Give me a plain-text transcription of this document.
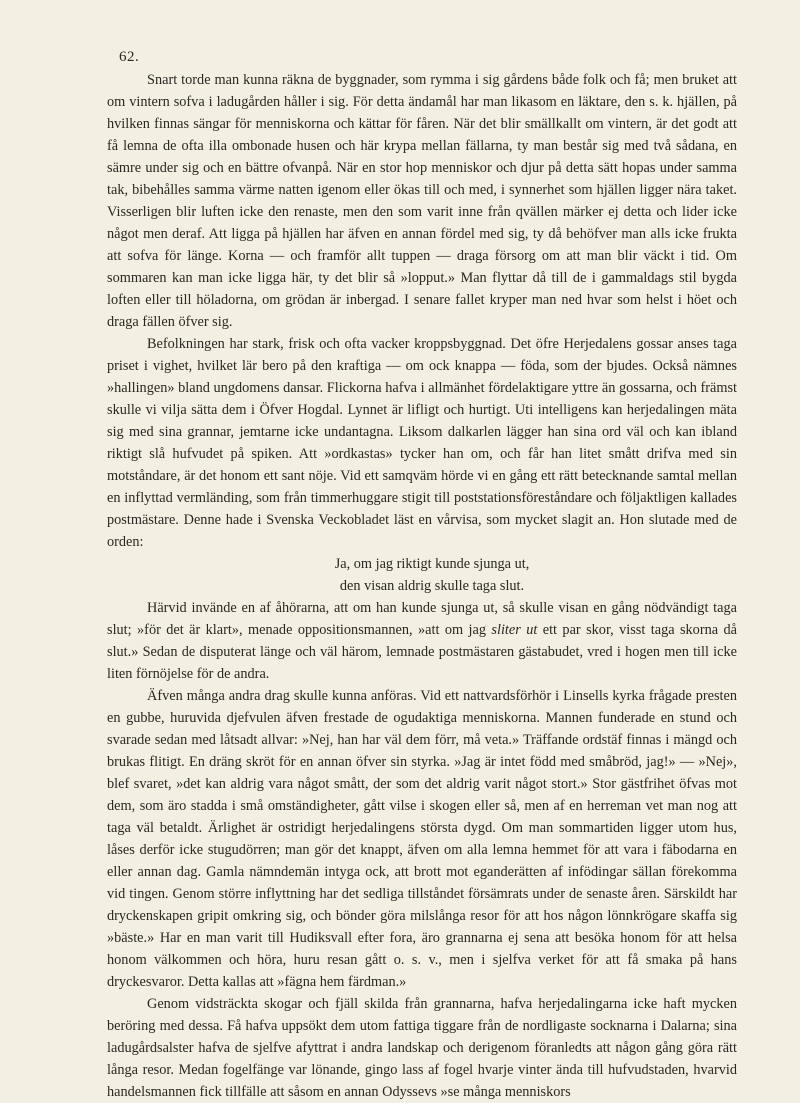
62.

Snart torde man kunna räkna de byggnader, som rymma i sig gårdens både folk och få; men bruket att om vintern sofva i ladugården håller i sig. För detta ändamål har man likasom en läktare, den s. k. hjällen, på hvilken finnas sängar för menniskorna och kättar för fåren. När det blir smällkallt om vintern, är det godt att få lemna de ofta illa ombonade husen och här krypa mellan fällarna, ty man består sig med två sådana, en sämre under sig och en bättre ofvanpå. När en stor hop menniskor och djur på detta sätt hopas under samma tak, bibehålles samma värme natten igenom eller ökas till och med, i synnerhet som hjällen ligger nära taket. Visserligen blir luften icke den renaste, men den som varit inne från qvällen märker ej detta och lider icke något men deraf. Att ligga på hjällen har äfven en annan fördel med sig, ty då behöfver man alls icke frukta att sofva för länge. Korna — och framför allt tuppen — draga försorg om att man blir väckt i tid. Om sommaren kan man icke ligga här, ty det blir så »lopput.» Man flyttar då till de i gammaldags stil bygda loften eller till höladorna, om grödan är inbergad. I senare fallet kryper man ned hvar som helst i höet och draga fällen öfver sig.

Befolkningen har stark, frisk och ofta vacker kroppsbyggnad. Det öfre Herjedalens gossar anses taga priset i vighet, hvilket lär bero på den kraftiga — om ock knappa — föda, som der bjudes. Också nämnes »hallingen» bland ungdomens dansar. Flickorna hafva i allmänhet fördelaktigare yttre än gossarna, och främst skulle vi vilja sätta dem i Öfver Hogdal. Lynnet är lifligt och hurtigt. Uti intelligens kan herjedalingen mäta sig med sina grannar, jemtarne icke undantagna. Liksom dalkarlen lägger han sina ord väl och kan ibland riktigt slå hufvudet på spiken. Att »ordkastas» tycker han om, och får han litet smått drifva med sin motståndare, är det honom ett sant nöje. Vid ett samqväm hörde vi en gång ett rätt betecknande samtal mellan en inflyttad vermländing, som från timmerhuggare stigit till poststationsföreståndare och följaktligen kallades postmästare. Denne hade i Svenska Veckobladet läst en vårvisa, som mycket slagit an. Hon slutade med de orden:

Ja, om jag riktigt kunde sjunga ut,
den visan aldrig skulle taga slut.

Härvid invände en af åhörarna, att om han kunde sjunga ut, så skulle visan en gång nödvändigt taga slut; »för det är klart», menade oppositionsmannen, »att om jag sliter ut ett par skor, visst taga skorna då slut.» Sedan de disputerat länge och väl härom, lemnade postmästaren gästabudet, vred i hogen men till icke liten förnöjelse för de andra.

Äfven många andra drag skulle kunna anföras. Vid ett nattvardsförhör i Linsells kyrka frågade presten en gubbe, huruvida djefvulen äfven frestade de ogudaktiga menniskorna. Mannen funderade en stund och svarade sedan med låtsadt allvar: »Nej, han har väl dem förr, må veta.» Träffande ordstäf finnas i mängd och brukas flitigt. En dräng skröt för en annan öfver sin styrka. »Jag är intet född med småbröd, jag!» — »Nej», blef svaret, »det kan aldrig vara något smått, der som det aldrig varit något stort.» Stor gästfrihet öfvas mot dem, som äro stadda i små omständigheter, gått vilse i skogen eller så, men af en herreman vet man nog att taga väl betaldt. Ärlighet är ostridigt herjedalingens största dygd. Om man sommartiden ligger utom hus, låses derför icke stugudörren; man gör det knappt, äfven om alla lemna hemmet för att vara i fäbodarna en eller annan dag. Gamla nämndemän intyga ock, att brott mot eganderätten af infödingar sällan förekomma vid tingen. Genom större inflyttning har det sedliga tillståndet försämrats under de senaste åren. Särskildt har dryckenskapen gripit omkring sig, och bönder göra milslånga resor för att hos någon lönnkrögare skaffa sig »bäste.» Har en man varit till Hudiksvall efter fora, äro grannarna ej sena att besöka honom för att helsa honom välkommen och höra, huru resan gått o. s. v., men i sjelfva verket för att få smaka på hans dryckesvaror. Detta kallas att »fägna hem färdman.»

Genom vidsträckta skogar och fjäll skilda från grannarna, hafva herjedalingarna icke haft mycken beröring med dessa. Få hafva uppsökt dem utom fattiga tiggare från de nordligaste socknarna i Dalarna; sina ladugårdsalster hafva de sjelfve afyttrat i andra landskap och derigenom föranledts att någon gång göra rätt långa resor. Medan fogelfänge var lönande, gingo lass af fogel hvarje vinter ända till hufvudstaden, hvarvid handelsmannen fick tillfälle att såsom en annan Odyssevs »se många menniskors
